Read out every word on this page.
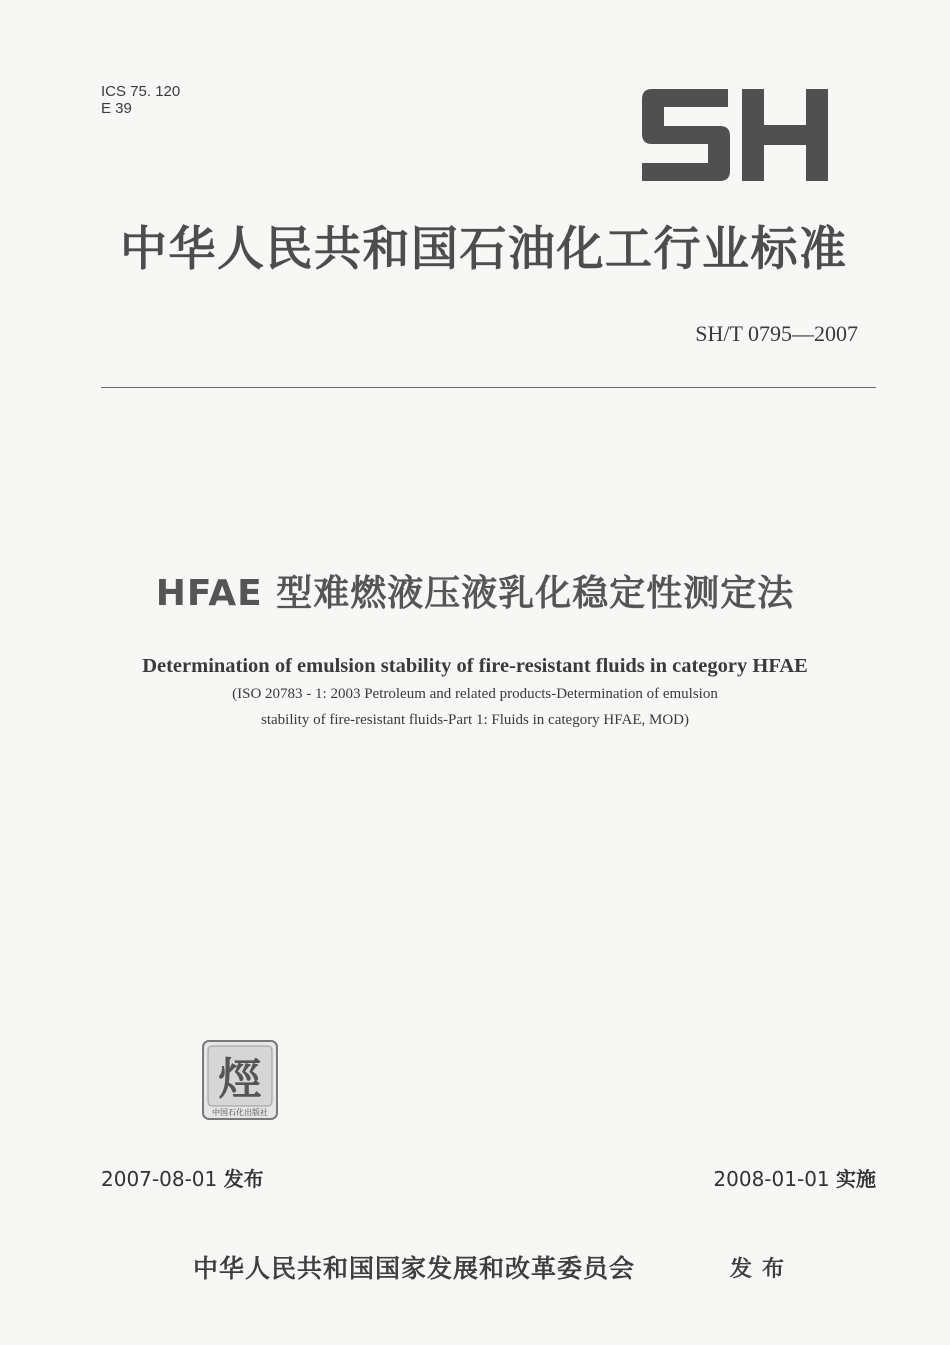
ICS 75. 120
E 39
中华人民共和国石油化工行业标准
SH/T 0795—2007
HFAE 型难燃液压液乳化稳定性测定法
Determination of emulsion stability of fire-resistant fluids in category HFAE
(ISO 20783 - 1: 2003 Petroleum and related products-Determination of emulsion
stability of fire-resistant fluids-Part 1: Fluids in category HFAE, MOD)
烴
中国石化出版社
2007-08-01 发布	2008-01-01 实施
中华人民共和国国家发展和改革委员会	发布
